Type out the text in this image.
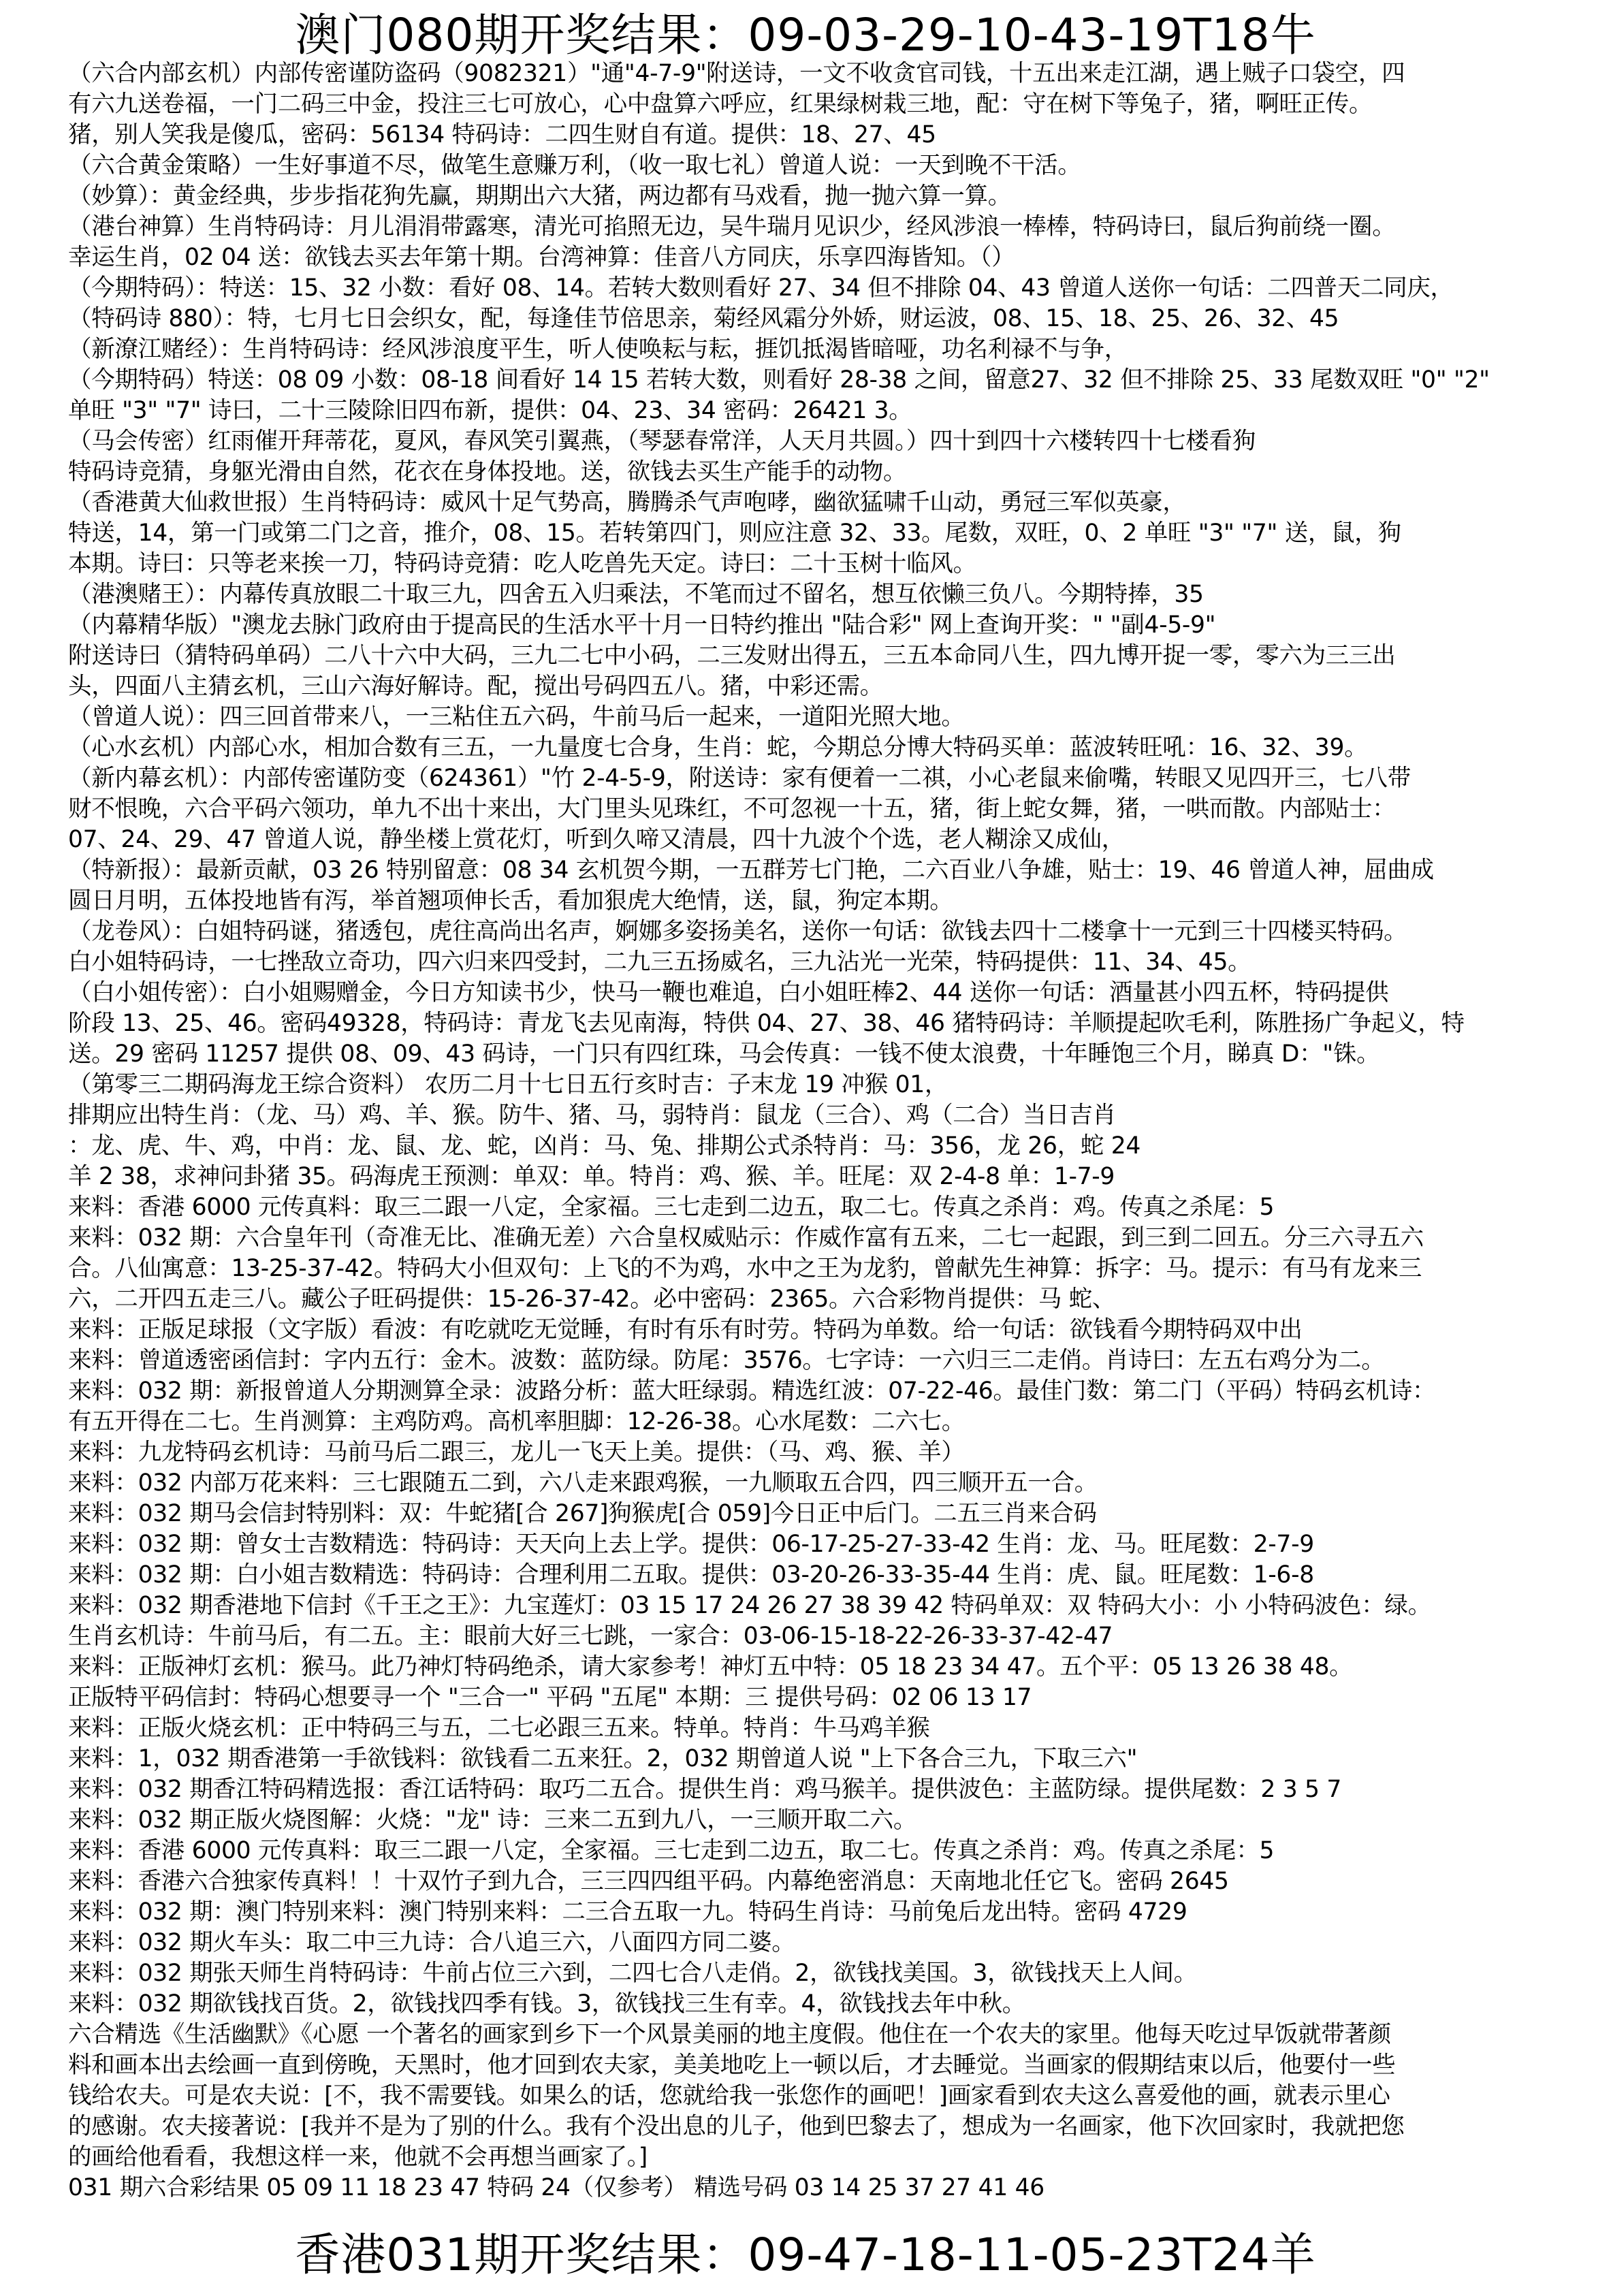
澳门080期开奖结果：09-03-29-10-43-19T18牛
（六合内部玄机）内部传密谨防盗码（9082321）"通"4-7-9"附送诗，一文不收贪官司钱，十五出来走江湖，遇上贼子口袋空，四
有六九送卷福，一门二码三中金，投注三七可放心，心中盘算六呼应，红果绿树栽三地，配：守在树下等兔子，猪，啊旺正传。
猪，别人笑我是傻瓜，密码：56134 特码诗：二四生财自有道。提供：18、27、45
（六合黄金策略）一生好事道不尽，做笔生意赚万利，（收一取七礼）曾道人说：一天到晚不干活。
（妙算）：黄金经典，步步指花狗先赢，期期出六大猪，两边都有马戏看，抛一抛六算一算。
（港台神算）生肖特码诗：月儿涓涓带露寒，清光可掐照无边，吴牛瑞月见识少，经风涉浪一棒棒，特码诗曰，鼠后狗前绕一圈。
幸运生肖，02 04 送：欲钱去买去年第十期。台湾神算：佳音八方同庆，乐享四海皆知。（）
（今期特码）：特送：15、32 小数：看好 08、14。若转大数则看好 27、34 但不排除 04、43 曾道人送你一句话：二四普天二同庆，
（特码诗 880）：特，七月七日会织女，配，每逢佳节倍思亲，菊经风霜分外娇，财运波，08、15、18、25、26、32、45
（新潦江赌经）：生肖特码诗：经风涉浪度平生，听人使唤耘与耘，捱饥抵渴皆暗哑，功名利禄不与争，
（今期特码）特送：08 09 小数：08-18 间看好 14 15 若转大数，则看好 28-38 之间，留意27、32 但不排除 25、33 尾数双旺 "0" "2"
单旺 "3" "7" 诗曰，二十三陵除旧四布新，提供：04、23、34 密码：26421 3。
（马会传密）红雨催开拜蒂花，夏风，春风笑引翼燕，（琴瑟春常洋，人天月共圆。）四十到四十六楼转四十七楼看狗
特码诗竞猜，身躯光滑由自然，花衣在身体投地。送，欲钱去买生产能手的动物。
（香港黄大仙救世报）生肖特码诗：威风十足气势高，腾腾杀气声咆哮，幽欲猛啸千山动，勇冠三军似英豪，
特送，14，第一门或第二门之音，推介，08、15。若转第四门，则应注意 32、33。尾数，双旺，0、2 单旺 "3" "7" 送，鼠，狗
本期。诗曰：只等老来挨一刀，特码诗竞猜：吃人吃兽先天定。诗曰：二十玉树十临风。
（港澳赌王）：内幕传真放眼二十取三九，四舍五入归乘法，不笔而过不留名，想互依懒三负八。今期特捧，35
（内幕精华版）"澳龙去脉门政府由于提高民的生活水平十月一日特约推出 "陆合彩" 网上查询开奖：" "副4-5-9"
附送诗曰（猜特码单码）二八十六中大码，三九二七中小码，二三发财出得五，三五本命同八生，四九博开捉一零，零六为三三出
头，四面八主猜玄机，三山六海好解诗。配，搅出号码四五八。猪，中彩还需。
（曾道人说）：四三回首带来八，一三粘住五六码，牛前马后一起来，一道阳光照大地。
（心水玄机）内部心水，相加合数有三五，一九量度七合身，生肖：蛇，今期总分博大特码买单：蓝波转旺吼：16、32、39。
（新内幕玄机）：内部传密谨防变（624361）"竹 2-4-5-9，附送诗：家有便着一二祺，小心老鼠来偷嘴，转眼又见四开三，七八带
财不恨晚，六合平码六领功，单九不出十来出，大门里头见珠红，不可忽视一十五，猪，街上蛇女舞，猪，一哄而散。内部贴士：
07、24、29、47 曾道人说，静坐楼上赏花灯，听到久啼又清晨，四十九波个个选，老人糊涂又成仙，
（特新报）：最新贡献，03 26 特别留意：08 34 玄机贺今期，一五群芳七门艳，二六百业八争雄，贴士：19、46 曾道人神，屈曲成
圆日月明，五体投地皆有泻，举首翘项伸长舌，看加狠虎大绝情，送，鼠，狗定本期。
（龙卷风）：白姐特码谜，猪透包，虎往高尚出名声，婀娜多姿扬美名，送你一句话：欲钱去四十二楼拿十一元到三十四楼买特码。
白小姐特码诗，一七挫敌立奇功，四六归来四受封，二九三五扬威名，三九沾光一光荣，特码提供：11、34、45。
（白小姐传密）：白小姐赐赠金，今日方知读书少，快马一鞭也难追，白小姐旺棒2、44 送你一句话：酒量甚小四五杯，特码提供
阶段 13、25、46。密码49328，特码诗：青龙飞去见南海，特供 04、27、38、46 猪特码诗：羊顺提起吹毛利，陈胜扬广争起义，特
送。29 密码 11257 提供 08、09、43 码诗，一门只有四红珠，马会传真：一钱不使太浪费，十年睡饱三个月，睇真 D："铢。
（第零三二期码海龙王综合资料） 农历二月十七日五行亥时吉：子末龙 19 冲猴 01，
排期应出特生肖：（龙、马）鸡、羊、猴。防牛、猪、马，弱特肖：鼠龙（三合）、鸡（二合）当日吉肖
：龙、虎、牛、鸡，中肖：龙、鼠、龙、蛇，凶肖：马、兔、排期公式杀特肖：马：356，龙 26，蛇 24
羊 2 38，求神问卦猪 35。码海虎王预测：单双：单。特肖：鸡、猴、羊。旺尾：双 2-4-8 单：1-7-9
来料：香港 6000 元传真料：取三二跟一八定，全家福。三七走到二边五，取二七。传真之杀肖：鸡。传真之杀尾：5
来料：032 期：六合皇年刊（奇准无比、准确无差）六合皇权威贴示：作威作富有五来，二七一起跟，到三到二回五。分三六寻五六
合。八仙寓意：13-25-37-42。特码大小但双句：上飞的不为鸡，水中之王为龙豹，曾献先生神算：拆字：马。提示：有马有龙来三
六，二开四五走三八。藏公子旺码提供：15-26-37-42。必中密码：2365。六合彩物肖提供：马 蛇、
来料：正版足球报（文字版）看波：有吃就吃无觉睡，有时有乐有时劳。特码为单数。给一句话：欲钱看今期特码双中出
来料：曾道透密函信封：字内五行：金木。波数：蓝防绿。防尾：3576。七字诗：一六归三二走俏。肖诗曰：左五右鸡分为二。
来料：032 期：新报曾道人分期测算全录：波路分析：蓝大旺绿弱。精选红波：07-22-46。最佳门数：第二门（平码）特码玄机诗：
有五开得在二七。生肖测算：主鸡防鸡。高机率胆脚：12-26-38。心水尾数：二六七。
来料：九龙特码玄机诗：马前马后二跟三，龙儿一飞天上美。提供：（马、鸡、猴、羊）
来料：032 内部万花来料：三七跟随五二到，六八走来跟鸡猴，一九顺取五合四，四三顺开五一合。
来料：032 期马会信封特别料：双：牛蛇猪[合 267]狗猴虎[合 059]今日正中后门。二五三肖来合码
来料：032 期：曾女士吉数精选：特码诗：天天向上去上学。提供：06-17-25-27-33-42 生肖：龙、马。旺尾数：2-7-9
来料：032 期：白小姐吉数精选：特码诗：合理利用二五取。提供：03-20-26-33-35-44 生肖：虎、鼠。旺尾数：1-6-8
来料：032 期香港地下信封《千王之王》：九宝莲灯：03 15 17 24 26 27 38 39 42 特码单双：双 特码大小：小 小特码波色：绿。
生肖玄机诗：牛前马后，有二五。主：眼前大好三七跳，一家合：03-06-15-18-22-26-33-37-42-47
来料：正版神灯玄机：猴马。此乃神灯特码绝杀，请大家参考！神灯五中特：05 18 23 34 47。五个平：05 13 26 38 48。
正版特平码信封：特码心想要寻一个 "三合一" 平码 "五尾" 本期：三 提供号码：02 06 13 17
来料：正版火烧玄机：正中特码三与五，二七必跟三五来。特单。特肖：牛马鸡羊猴
来料：1，032 期香港第一手欲钱料：欲钱看二五来狂。2，032 期曾道人说 "上下各合三九，下取三六"
来料：032 期香江特码精选报：香江话特码：取巧二五合。提供生肖：鸡马猴羊。提供波色：主蓝防绿。提供尾数：2 3 5 7
来料：032 期正版火烧图解：火烧："龙" 诗：三来二五到九八，一三顺开取二六。
来料：香港 6000 元传真料：取三二跟一八定，全家福。三七走到二边五，取二七。传真之杀肖：鸡。传真之杀尾：5
来料：香港六合独家传真料！！十双竹子到九合，三三四四组平码。内幕绝密消息：天南地北任它飞。密码 2645
来料：032 期：澳门特别来料：澳门特别来料：二三合五取一九。特码生肖诗：马前兔后龙出特。密码 4729
来料：032 期火车头：取二中三九诗：合八追三六，八面四方同二婆。
来料：032 期张天师生肖特码诗：牛前占位三六到，二四七合八走俏。2，欲钱找美国。3，欲钱找天上人间。
来料：032 期欲钱找百货。2，欲钱找四季有钱。3，欲钱找三生有幸。4，欲钱找去年中秋。
六合精选《生活幽默》《心愿 一个著名的画家到乡下一个风景美丽的地主度假。他住在一个农夫的家里。他每天吃过早饭就带著颜
料和画本出去绘画一直到傍晚，天黑时，他才回到农夫家，美美地吃上一顿以后，才去睡觉。当画家的假期结束以后，他要付一些
钱给农夫。可是农夫说：[不，我不需要钱。如果么的话，您就给我一张您作的画吧！]画家看到农夫这么喜爱他的画，就表示里心
的感谢。农夫接著说：[我并不是为了别的什么。我有个没出息的儿子，他到巴黎去了，想成为一名画家，他下次回家时，我就把您
的画给他看看，我想这样一来，他就不会再想当画家了。]
031 期六合彩结果 05 09 11 18 23 47 特码 24（仅参考） 精选号码 03 14 25 37 27 41 46
香港031期开奖结果：09-47-18-11-05-23T24羊
